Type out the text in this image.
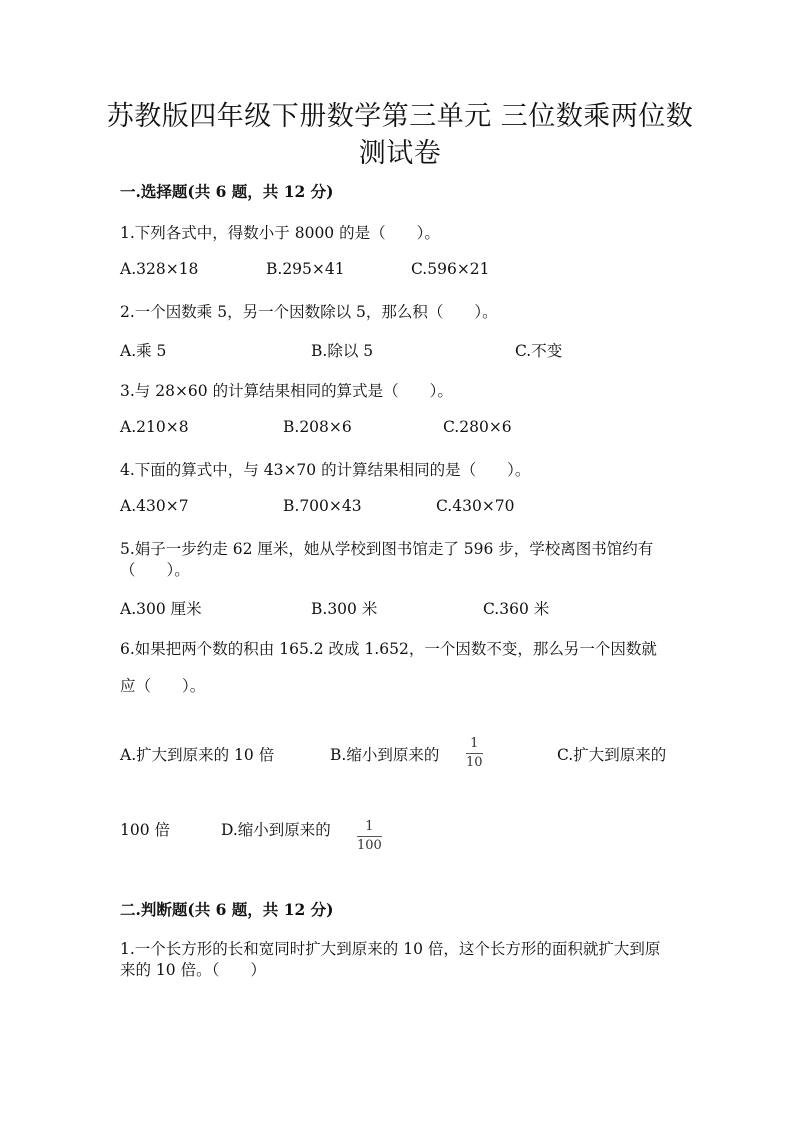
苏教版四年级下册数学第三单元 三位数乘两位数
测试卷
一.选择题(共 6 题，共 12 分)
1.下列各式中，得数小于 8000 的是（　　）。
A.328×18	B.295×41	C.596×21
2.一个因数乘 5，另一个因数除以 5，那么积（　　）。
A.乘 5	B.除以 5	C.不变
3.与 28×60 的计算结果相同的算式是（　　）。
A.210×8	B.208×6	C.280×6
4.下面的算式中，与 43×70 的计算结果相同的是（　　）。
A.430×7	B.700×43	C.430×70
5.娟子一步约走 62 厘米，她从学校到图书馆走了 596 步，学校离图书馆约有
（　　）。
A.300 厘米	B.300 米	C.360 米
6.如果把两个数的积由 165.2 改成 1.652，一个因数不变，那么另一个因数就
应（　　）。
A.扩大到原来的 10 倍	B.缩小到原来的
1
10	C.扩大到原来的
100 倍	D.缩小到原来的	1
100
二.判断题(共 6 题，共 12 分)
1.一个长方形的长和宽同时扩大到原来的 10 倍，这个长方形的面积就扩大到原
来的 10 倍。（　　）
